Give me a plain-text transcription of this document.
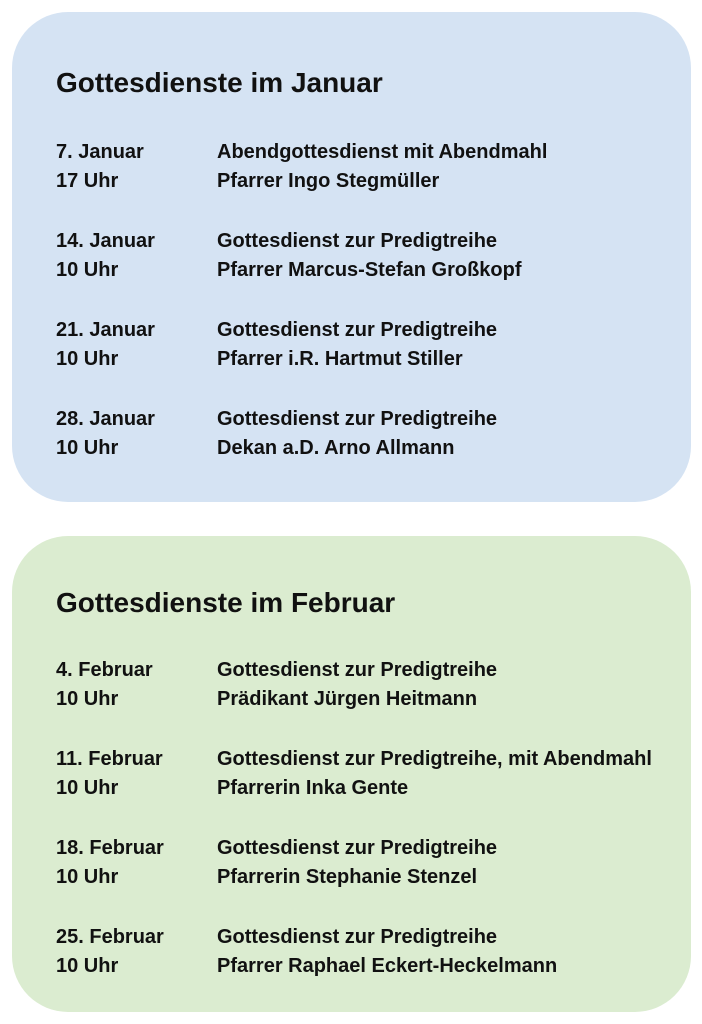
Gottesdienste im Januar
7. Januar	Abendgottesdienst mit Abendmahl
17 Uhr	Pfarrer Ingo Stegmüller
14. Januar	Gottesdienst zur Predigtreihe
10 Uhr	Pfarrer Marcus-Stefan Großkopf
21. Januar	Gottesdienst zur Predigtreihe
10 Uhr	Pfarrer i.R. Hartmut Stiller
28. Januar	Gottesdienst zur Predigtreihe
10 Uhr	Dekan a.D. Arno Allmann
Gottesdienste im Februar
4. Februar	Gottesdienst zur Predigtreihe
10 Uhr	Prädikant Jürgen Heitmann
11. Februar	Gottesdienst zur Predigtreihe, mit Abendmahl
10 Uhr	Pfarrerin Inka Gente
18. Februar	Gottesdienst zur Predigtreihe
10 Uhr	Pfarrerin Stephanie Stenzel
25. Februar	Gottesdienst zur Predigtreihe
10 Uhr	Pfarrer Raphael Eckert-Heckelmann
